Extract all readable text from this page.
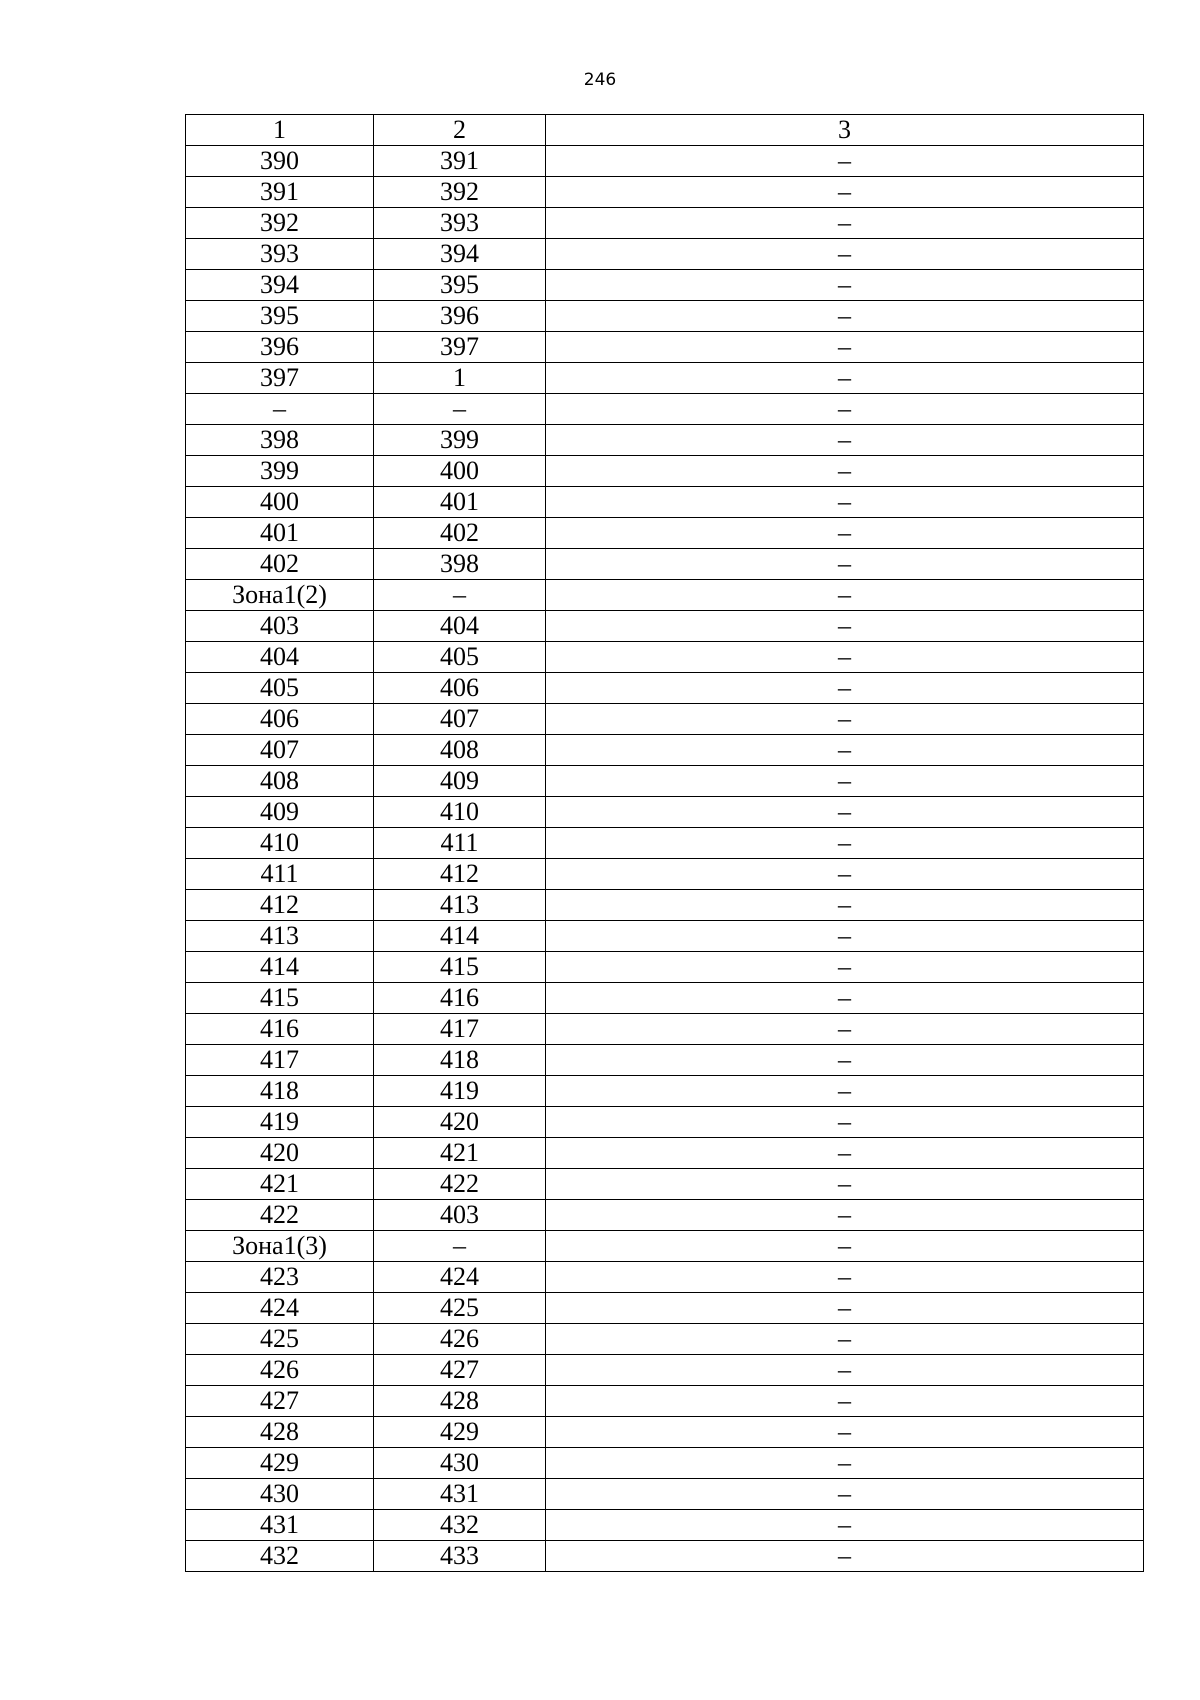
246
1	2	3
390	391	–
391	392	–
392	393	–
393	394	–
394	395	–
395	396	–
396	397	–
397	1	–
–	–	–
398	399	–
399	400	–
400	401	–
401	402	–
402	398	–
Зона1(2)	–	–
403	404	–
404	405	–
405	406	–
406	407	–
407	408	–
408	409	–
409	410	–
410	411	–
411	412	–
412	413	–
413	414	–
414	415	–
415	416	–
416	417	–
417	418	–
418	419	–
419	420	–
420	421	–
421	422	–
422	403	–
Зона1(3)	–	–
423	424	–
424	425	–
425	426	–
426	427	–
427	428	–
428	429	–
429	430	–
430	431	–
431	432	–
432	433	–
